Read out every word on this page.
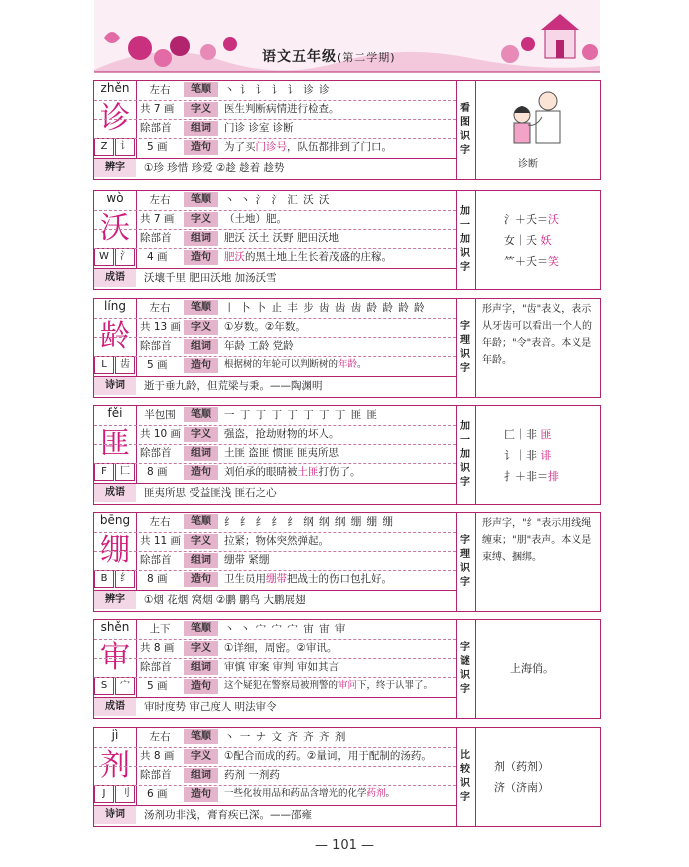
语文五年级(第二学期)
zhěn
诊
Z	讠
左右	笔顺	丶 讠 讠 讠 讠 诊 诊
共 7 画	字义	医生判断病情进行检查。
除部首	组词	门诊 诊室 诊断
5 画	造句	为了买门诊号，队伍都排到了门口。
辨字	①珍 珍惜 珍爱 ②趁 趁着 趁势
看
图
识
字
诊断
wò
沃
W	氵
左右	笔顺	丶 丶 氵 氵 汇 沃 沃
共 7 画	字义	（土地）肥。
除部首	组词	肥沃 沃土 沃野 肥田沃地
4 画	造句	肥沃的黑土地上生长着茂盛的庄稼。
成语	沃壤千里 肥田沃地 加汤沃雪
加
一
加
识
字
氵＋夭＝沃
女｜夭 妖
⺮＋夭＝笑
líng
龄
L	齿
左右	笔顺	丨 卜 卜 止 丰 步 齿 齿 齿 龄 龄 龄 龄
共 13 画 字义	①岁数。②年数。
除部首	组词	年龄 工龄 党龄
5 画	造句	根据树的年轮可以判断树的年龄。
诗词	逝于垂九龄，但荒梁与秉。——陶渊明
字
理
识
字
形声字，"齿"表义，表示从牙齿可以看出一个人的年龄；"令"表音。本义是年龄。
fěi
匪
F	匚
半包围	笔顺	一 丁 丁 丁 丁 丁 丁 丁 匪 匪
共 10 画 字义	强盗，抢劫财物的坏人。
除部首	组词	土匪 盗匪 惯匪 匪夷所思
8 画	造句	刘伯承的眼睛被土匪打伤了。
成语	匪夷所思 受益匪浅 匪石之心
加
一
加
识
字
匚｜非 匪
讠｜非 诽
扌＋非＝排
bēng
绷
B	纟
左右	笔顺	纟 纟 纟 纟 纟 纲 纲 纲 绷 绷 绷
共 11 画 字义	拉紧；物体突然弹起。
除部首	组词	绷带 紧绷
8 画	造句	卫生员用绷带把战士的伤口包扎好。
辨字	①烟 花烟 窝烟 ②鹏 鹏鸟 大鹏展翅
字
理
识
字
形声字，"纟"表示用线绳缠束；"朋"表声。本义是束缚、捆绑。
shěn
审
S	宀
上下	笔顺	丶 丶 宀 宀 宀 宙 宙 审
共 8 画	字义	①详细，周密。②审讯。
除部首	组词	审慎 审案 审判 审如其言
5 画	造句	这个疑犯在警察局被刑警的审问下，终于认罪了。
成语	审时度势 审己度人 明法审令
字
谜
识
字
上海俏。
jì
剂
J	刂
左右	笔顺	丶 一 ナ 文 齐 齐 齐 剂
共 8 画	字义	①配合而成的药。②量词，用于配制的汤药。
除部首	组词	药剂 一剂药
6 画	造句	一些化妆用品和药品含增光的化学药剂。
诗词	汤剂功非浅，膏育疾已深。——邵雍
比
较
识
字
剂（药剂）
济（济南）
— 101 —
